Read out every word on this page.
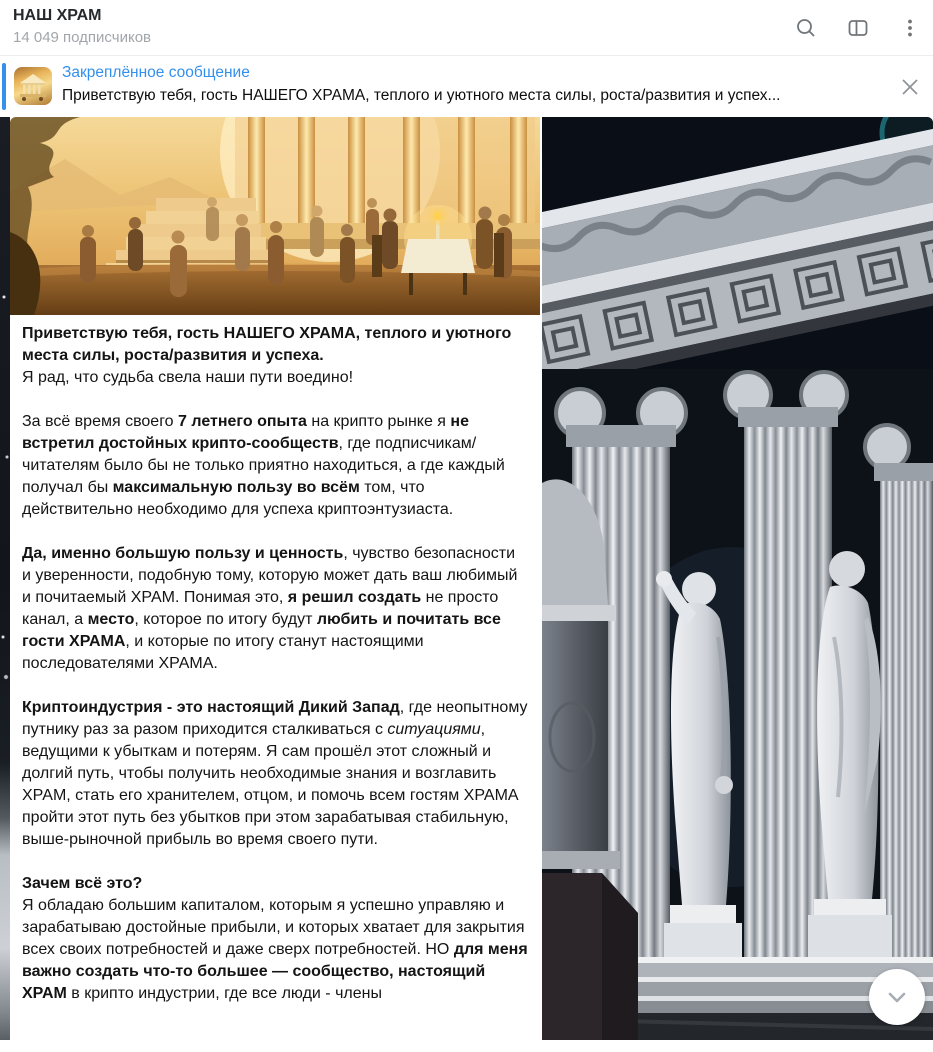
НАШ ХРАМ
14 049 подписчиков
Закреплённое сообщение
Приветствую тебя, гость НАШЕГО ХРАМА, теплого и уютного места силы, роста/развития и успех...
Приветствую тебя, гость НАШЕГО ХРАМА, теплого и уютного места силы, роста/развития и успеха.
Я рад, что судьба свела наши пути воедино!
За всё время своего 7 летнего опыта на крипто рынке я не встретил достойных крипто-сообществ, где подписчикам/читателям было бы не только приятно находиться, а где каждый получал бы максимальную пользу во всём том, что действительно необходимо для успеха криптоэнтузиаста.
Да, именно большую пользу и ценность, чувство безопасности и уверенности, подобную тому, которую может дать ваш любимый и почитаемый ХРАМ. Понимая это, я решил создать не просто канал, а место, которое по итогу будут любить и почитать все гости ХРАМА, и которые по итогу станут настоящими последователями ХРАМА.
Криптоиндустрия - это настоящий Дикий Запад, где неопытному путнику раз за разом приходится сталкиваться с ситуациями, ведущими к убыткам и потерям. Я сам прошёл этот сложный и долгий путь, чтобы получить необходимые знания и возглавить ХРАМ, стать его хранителем, отцом, и помочь всем гостям ХРАМА пройти этот путь без убытков при этом зарабатывая стабильную, выше-рыночной прибыль во время своего пути.
Зачем всё это?
Я обладаю большим капиталом, которым я успешно управляю и зарабатываю достойные прибыли, и которых хватает для закрытия всех своих потребностей и даже сверх потребностей. НО для меня важно создать что-то большее — сообщество, настоящий ХРАМ в крипто индустрии, где все люди - члены
